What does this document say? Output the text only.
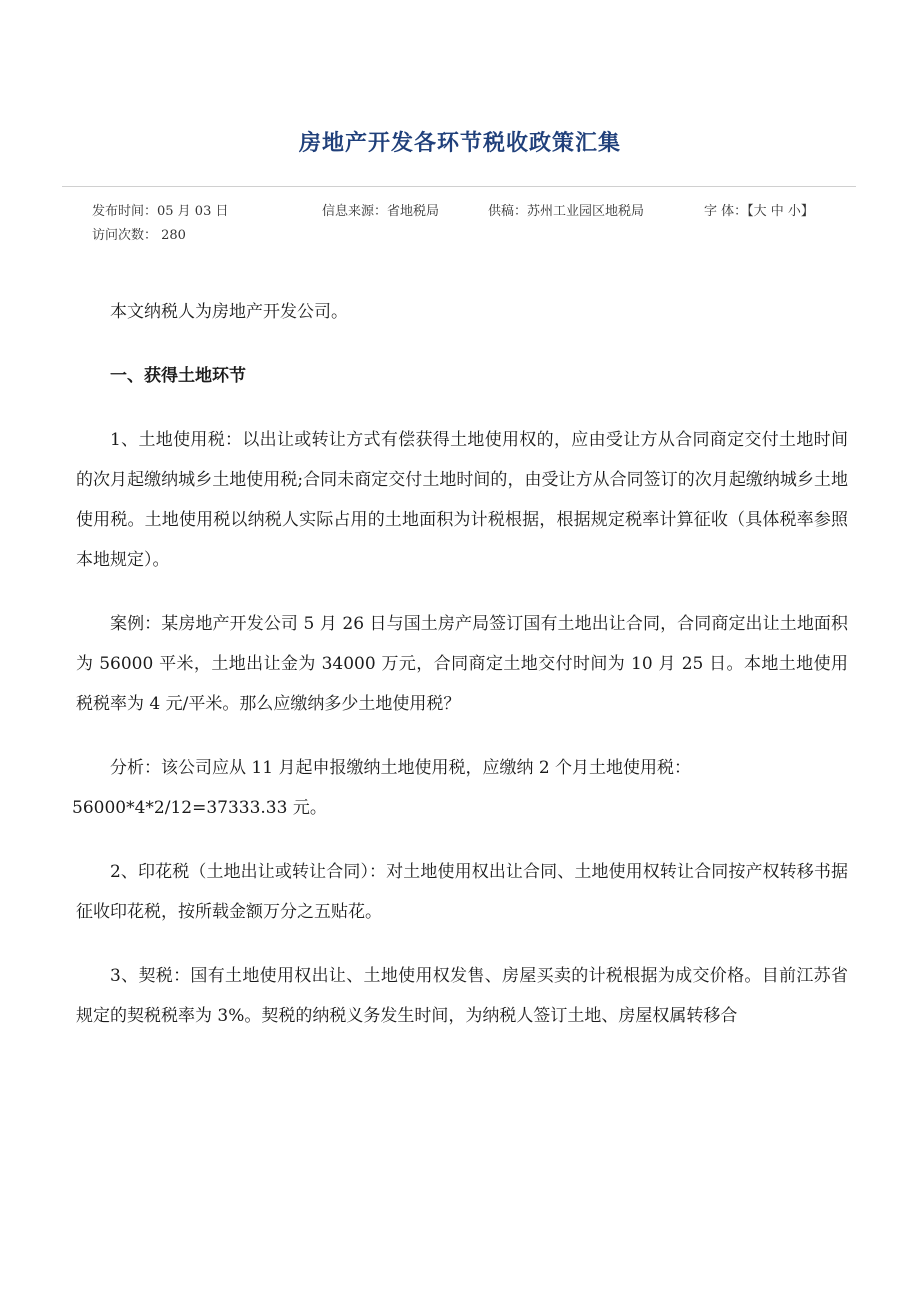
房地产开发各环节税收政策汇集
发布时间：05 月 03 日	信息来源：省地税局	供稿：苏州工业园区地税局	字 体：【大 中 小】
访问次数： 280

本文纳税人为房地产开发公司。

一、获得土地环节

1、土地使用税：以出让或转让方式有偿获得土地使用权的，应由受让方从合同商定交付土地时间的次月起缴纳城乡土地使用税;合同未商定交付土地时间的，由受让方从合同签订的次月起缴纳城乡土地使用税。土地使用税以纳税人实际占用的土地面积为计税根据，根据规定税率计算征收（具体税率参照本地规定）。

案例：某房地产开发公司 5 月 26 日与国土房产局签订国有土地出让合同，合同商定出让土地面积为 56000 平米，土地出让金为 34000 万元，合同商定土地交付时间为 10 月 25 日。本地土地使用税税率为 4 元/平米。那么应缴纳多少土地使用税？

分析：该公司应从 11 月起申报缴纳土地使用税，应缴纳 2 个月土地使用税：

56000*4*2/12=37333.33 元。

2、印花税（土地出让或转让合同）：对土地使用权出让合同、土地使用权转让合同按产权转移书据征收印花税，按所载金额万分之五贴花。

3、契税：国有土地使用权出让、土地使用权发售、房屋买卖的计税根据为成交价格。目前江苏省规定的契税税率为 3%。契税的纳税义务发生时间，为纳税人签订土地、房屋权属转移合
